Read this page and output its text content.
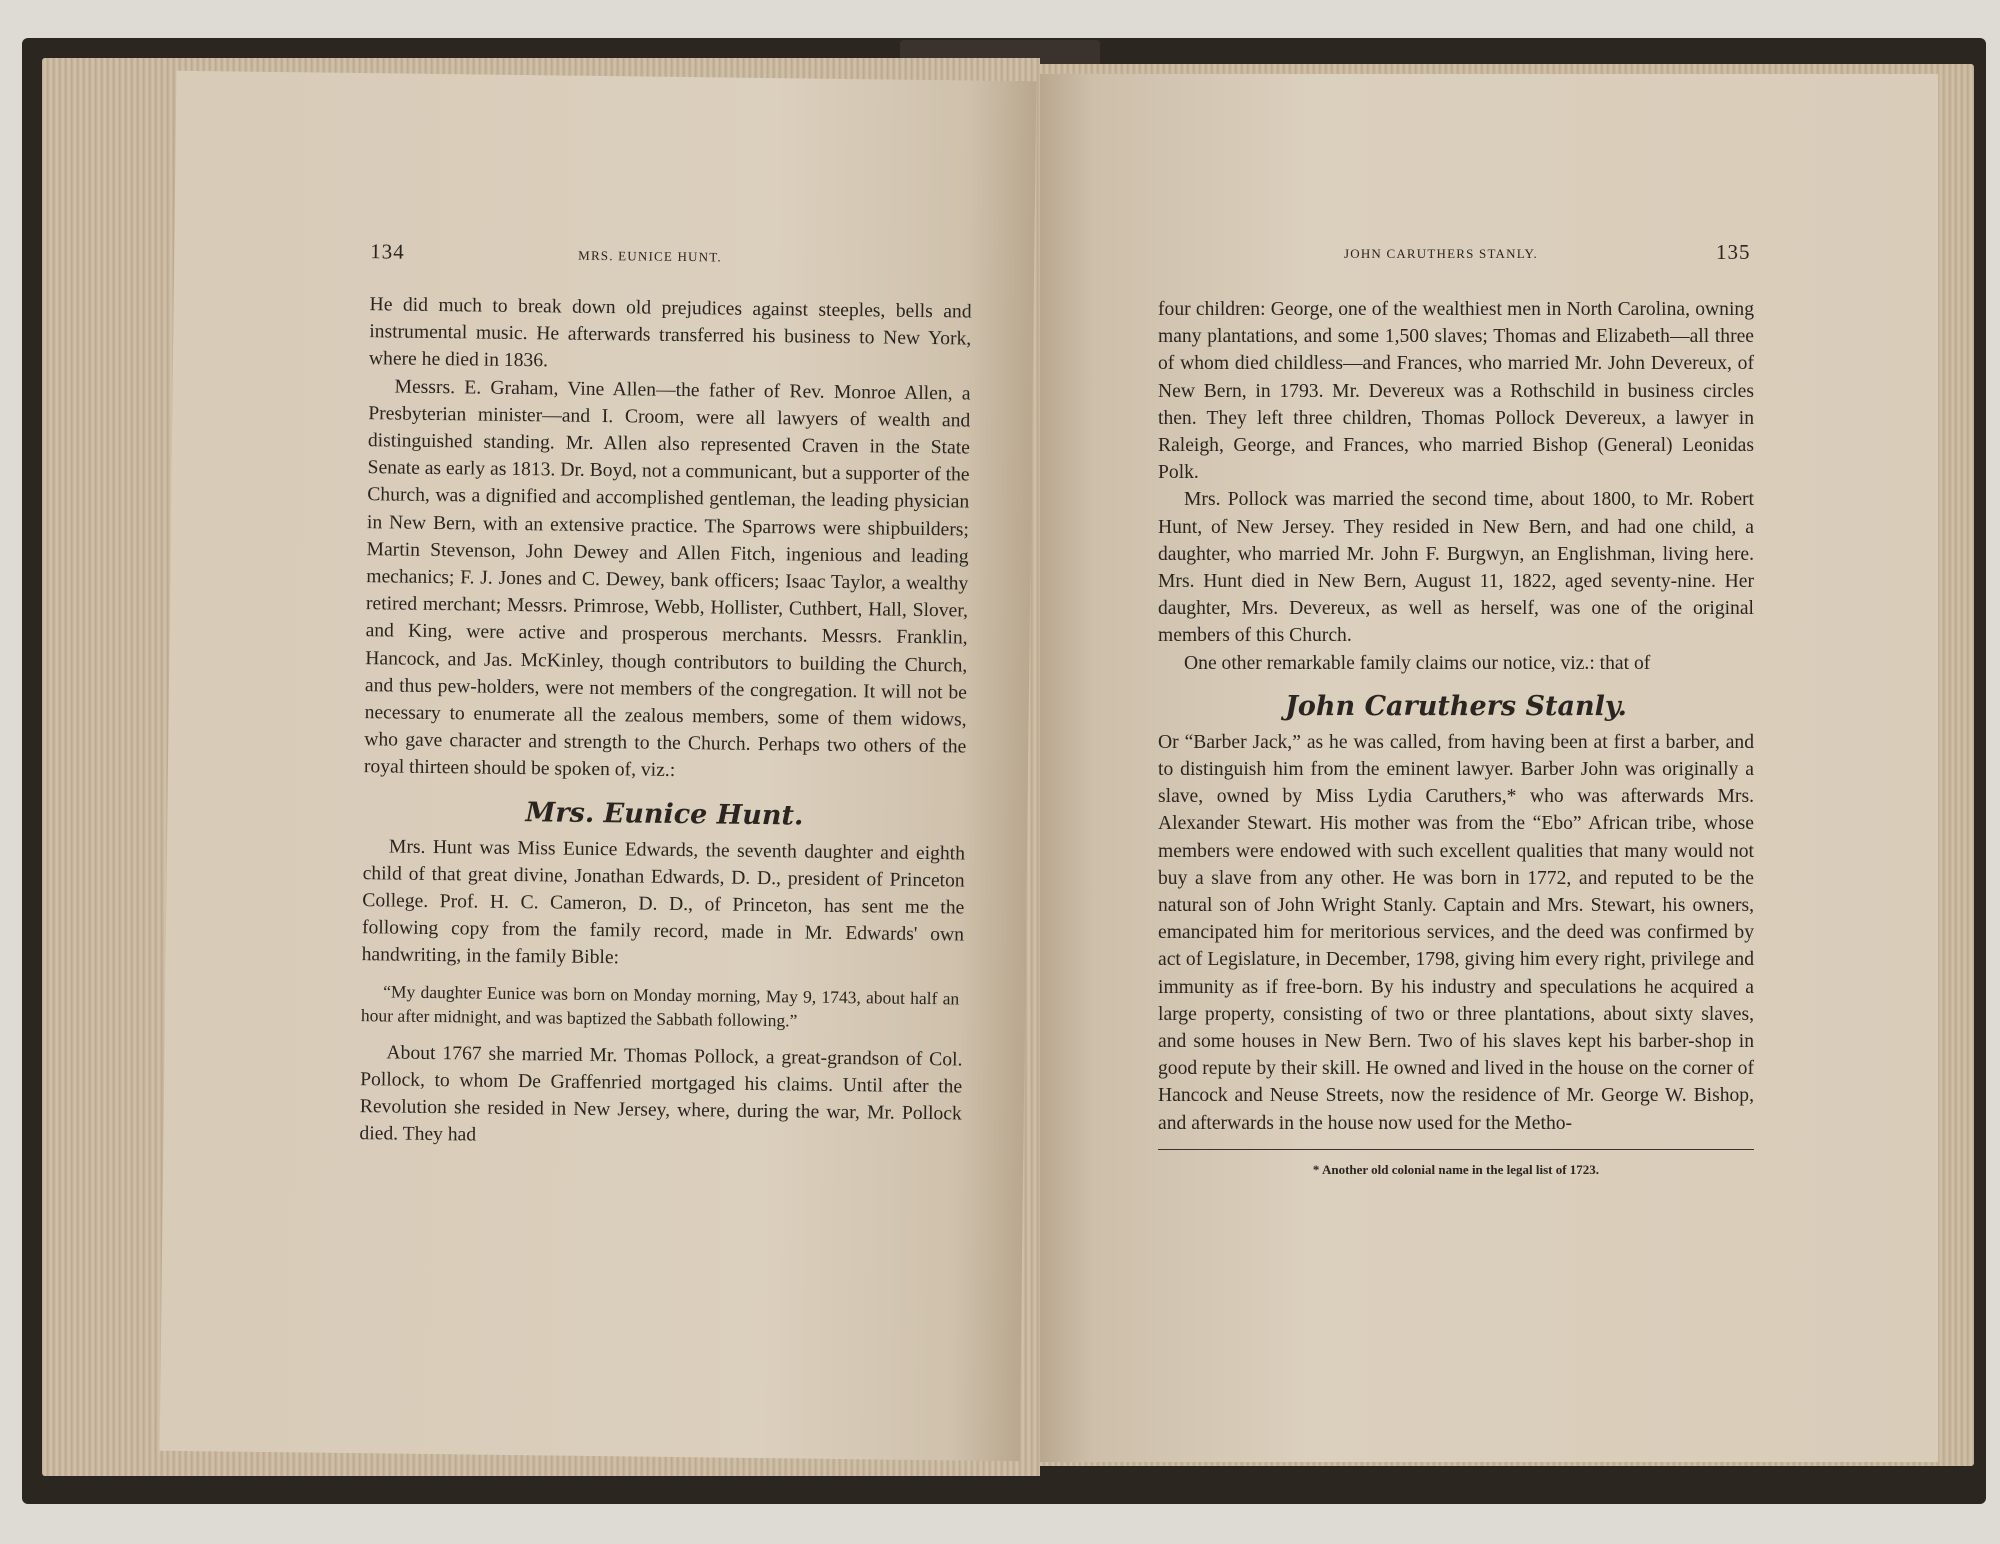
134	MRS. EUNICE HUNT.

He did much to break down old prejudices against steeples, bells and instrumental music. He afterwards transferred his business to New York, where he died in 1836.

Messrs. E. Graham, Vine Allen—the father of Rev. Monroe Allen, a Presbyterian minister—and I. Croom, were all lawyers of wealth and distinguished standing. Mr. Allen also represented Craven in the State Senate as early as 1813. Dr. Boyd, not a communicant, but a supporter of the Church, was a dignified and accomplished gentleman, the leading physician in New Bern, with an extensive practice. The Sparrows were shipbuilders; Martin Stevenson, John Dewey and Allen Fitch, ingenious and leading mechanics; F. J. Jones and C. Dewey, bank officers; Isaac Taylor, a wealthy retired merchant; Messrs. Primrose, Webb, Hollister, Cuthbert, Hall, Slover, and King, were active and prosperous merchants. Messrs. Franklin, Hancock, and Jas. McKinley, though contributors to building the Church, and thus pew-holders, were not members of the congregation. It will not be necessary to enumerate all the zealous members, some of them widows, who gave character and strength to the Church. Perhaps two others of the royal thirteen should be spoken of, viz.:

Mrs. Eunice Hunt.

Mrs. Hunt was Miss Eunice Edwards, the seventh daughter and eighth child of that great divine, Jonathan Edwards, D. D., president of Princeton College. Prof. H. C. Cameron, D. D., of Princeton, has sent me the following copy from the family record, made in Mr. Edwards' own handwriting, in the family Bible:

“My daughter Eunice was born on Monday morning, May 9, 1743, about half an hour after midnight, and was baptized the Sabbath following.”

About 1767 she married Mr. Thomas Pollock, a great-grandson of Col. Pollock, to whom De Graffenried mortgaged his claims. Until after the Revolution she resided in New Jersey, where, during the war, Mr. Pollock died. They had

JOHN CARUTHERS STANLY.	135

four children: George, one of the wealthiest men in North Carolina, owning many plantations, and some 1,500 slaves; Thomas and Elizabeth—all three of whom died childless—and Frances, who married Mr. John Devereux, of New Bern, in 1793. Mr. Devereux was a Rothschild in business circles then. They left three children, Thomas Pollock Devereux, a lawyer in Raleigh, George, and Frances, who married Bishop (General) Leonidas Polk.

Mrs. Pollock was married the second time, about 1800, to Mr. Robert Hunt, of New Jersey. They resided in New Bern, and had one child, a daughter, who married Mr. John F. Burgwyn, an Englishman, living here. Mrs. Hunt died in New Bern, August 11, 1822, aged seventy-nine. Her daughter, Mrs. Devereux, as well as herself, was one of the original members of this Church.

One other remarkable family claims our notice, viz.: that of

John Caruthers Stanly.

Or “Barber Jack,” as he was called, from having been at first a barber, and to distinguish him from the eminent lawyer. Barber John was originally a slave, owned by Miss Lydia Caruthers,* who was afterwards Mrs. Alexander Stewart. His mother was from the “Ebo” African tribe, whose members were endowed with such excellent qualities that many would not buy a slave from any other. He was born in 1772, and reputed to be the natural son of John Wright Stanly. Captain and Mrs. Stewart, his owners, emancipated him for meritorious services, and the deed was confirmed by act of Legislature, in December, 1798, giving him every right, privilege and immunity as if free-born. By his industry and speculations he acquired a large property, consisting of two or three plantations, about sixty slaves, and some houses in New Bern. Two of his slaves kept his barber-shop in good repute by their skill. He owned and lived in the house on the corner of Hancock and Neuse Streets, now the residence of Mr. George W. Bishop, and afterwards in the house now used for the Metho-

* Another old colonial name in the legal list of 1723.
